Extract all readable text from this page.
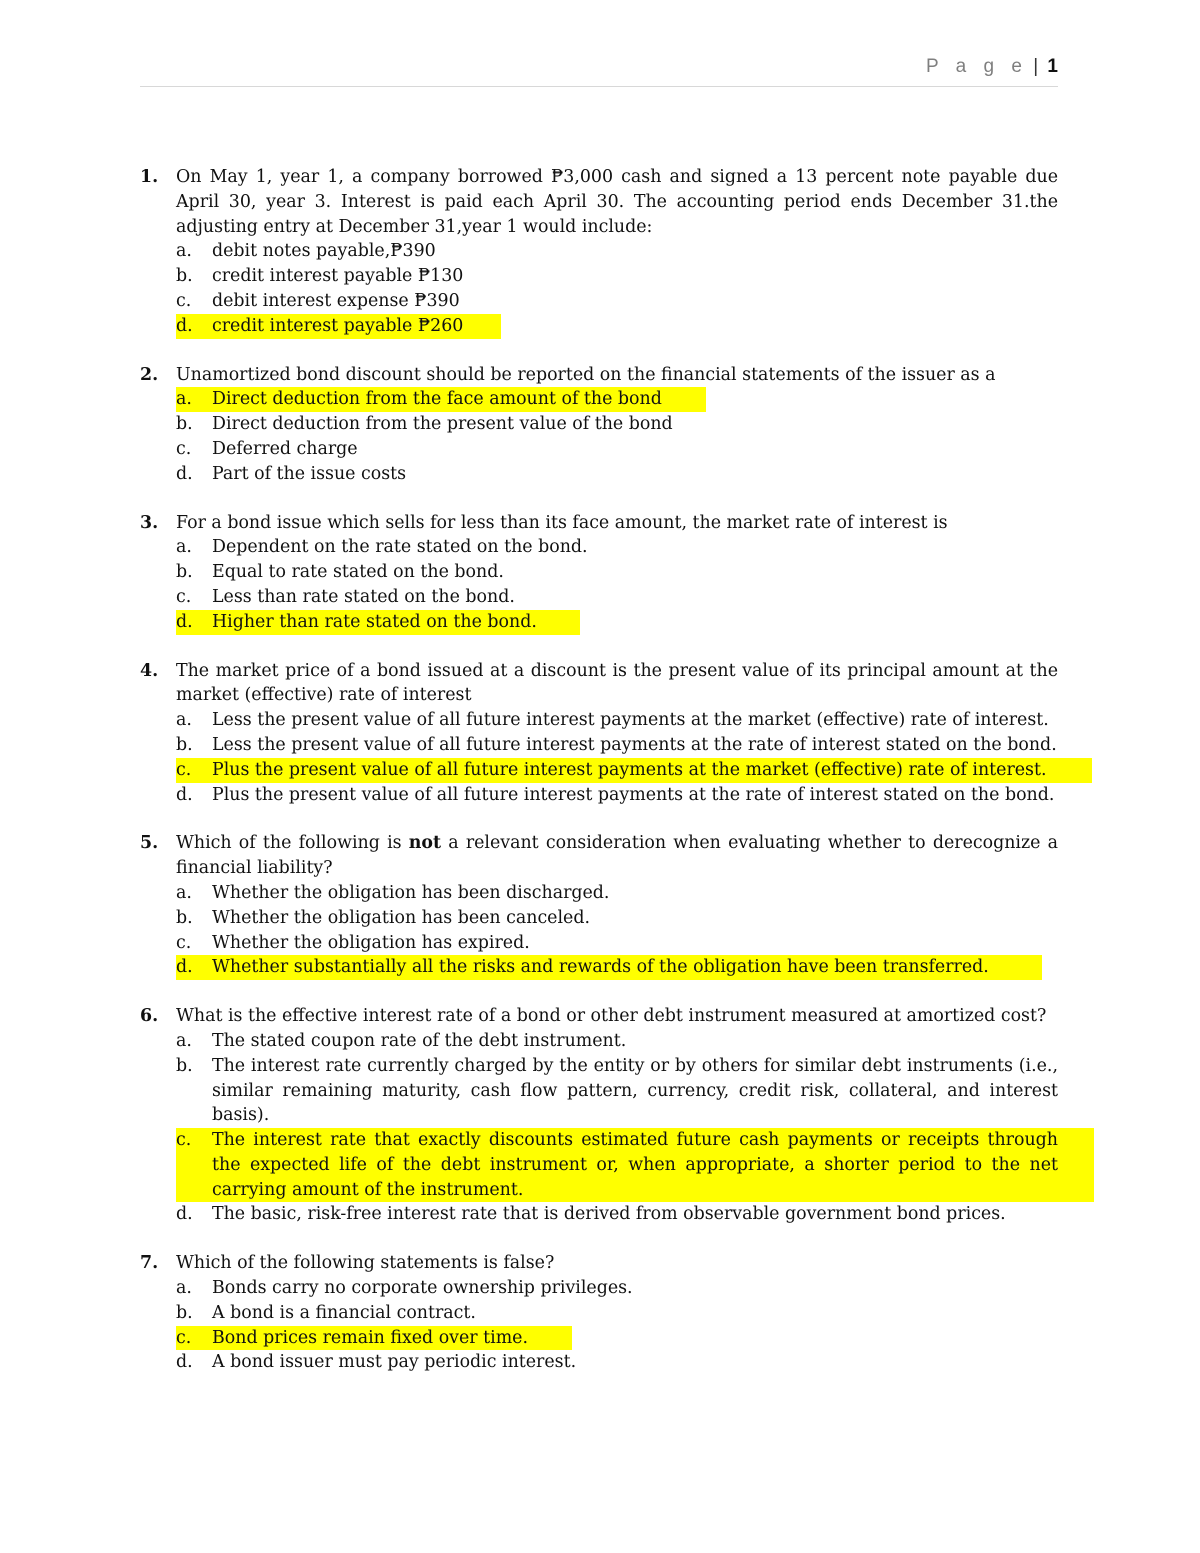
P a g e | 1
1. On May 1, year 1, a company borrowed ₱3,000 cash and signed a 13 percent note payable due April 30, year 3. Interest is paid each April 30. The accounting period ends December 31.the adjusting entry at December 31,year 1 would include:
a. debit notes payable,₱390
b. credit interest payable ₱130
c. debit interest expense ₱390
d. credit interest payable ₱260
2. Unamortized bond discount should be reported on the financial statements of the issuer as a
a. Direct deduction from the face amount of the bond
b. Direct deduction from the present value of the bond
c. Deferred charge
d. Part of the issue costs
3. For a bond issue which sells for less than its face amount, the market rate of interest is
a. Dependent on the rate stated on the bond.
b. Equal to rate stated on the bond.
c. Less than rate stated on the bond.
d. Higher than rate stated on the bond.
4. The market price of a bond issued at a discount is the present value of its principal amount at the market (effective) rate of interest
a. Less the present value of all future interest payments at the market (effective) rate of interest.
b. Less the present value of all future interest payments at the rate of interest stated on the bond.
c. Plus the present value of all future interest payments at the market (effective) rate of interest.
d. Plus the present value of all future interest payments at the rate of interest stated on the bond.
5. Which of the following is not a relevant consideration when evaluating whether to derecognize a financial liability?
a. Whether the obligation has been discharged.
b. Whether the obligation has been canceled.
c. Whether the obligation has expired.
d. Whether substantially all the risks and rewards of the obligation have been transferred.
6. What is the effective interest rate of a bond or other debt instrument measured at amortized cost?
a. The stated coupon rate of the debt instrument.
b. The interest rate currently charged by the entity or by others for similar debt instruments (i.e., similar remaining maturity, cash flow pattern, currency, credit risk, collateral, and interest basis).
c. The interest rate that exactly discounts estimated future cash payments or receipts through the expected life of the debt instrument or, when appropriate, a shorter period to the net carrying amount of the instrument.
d. The basic, risk-free interest rate that is derived from observable government bond prices.
7. Which of the following statements is false?
a. Bonds carry no corporate ownership privileges.
b. A bond is a financial contract.
c. Bond prices remain fixed over time.
d. A bond issuer must pay periodic interest.
